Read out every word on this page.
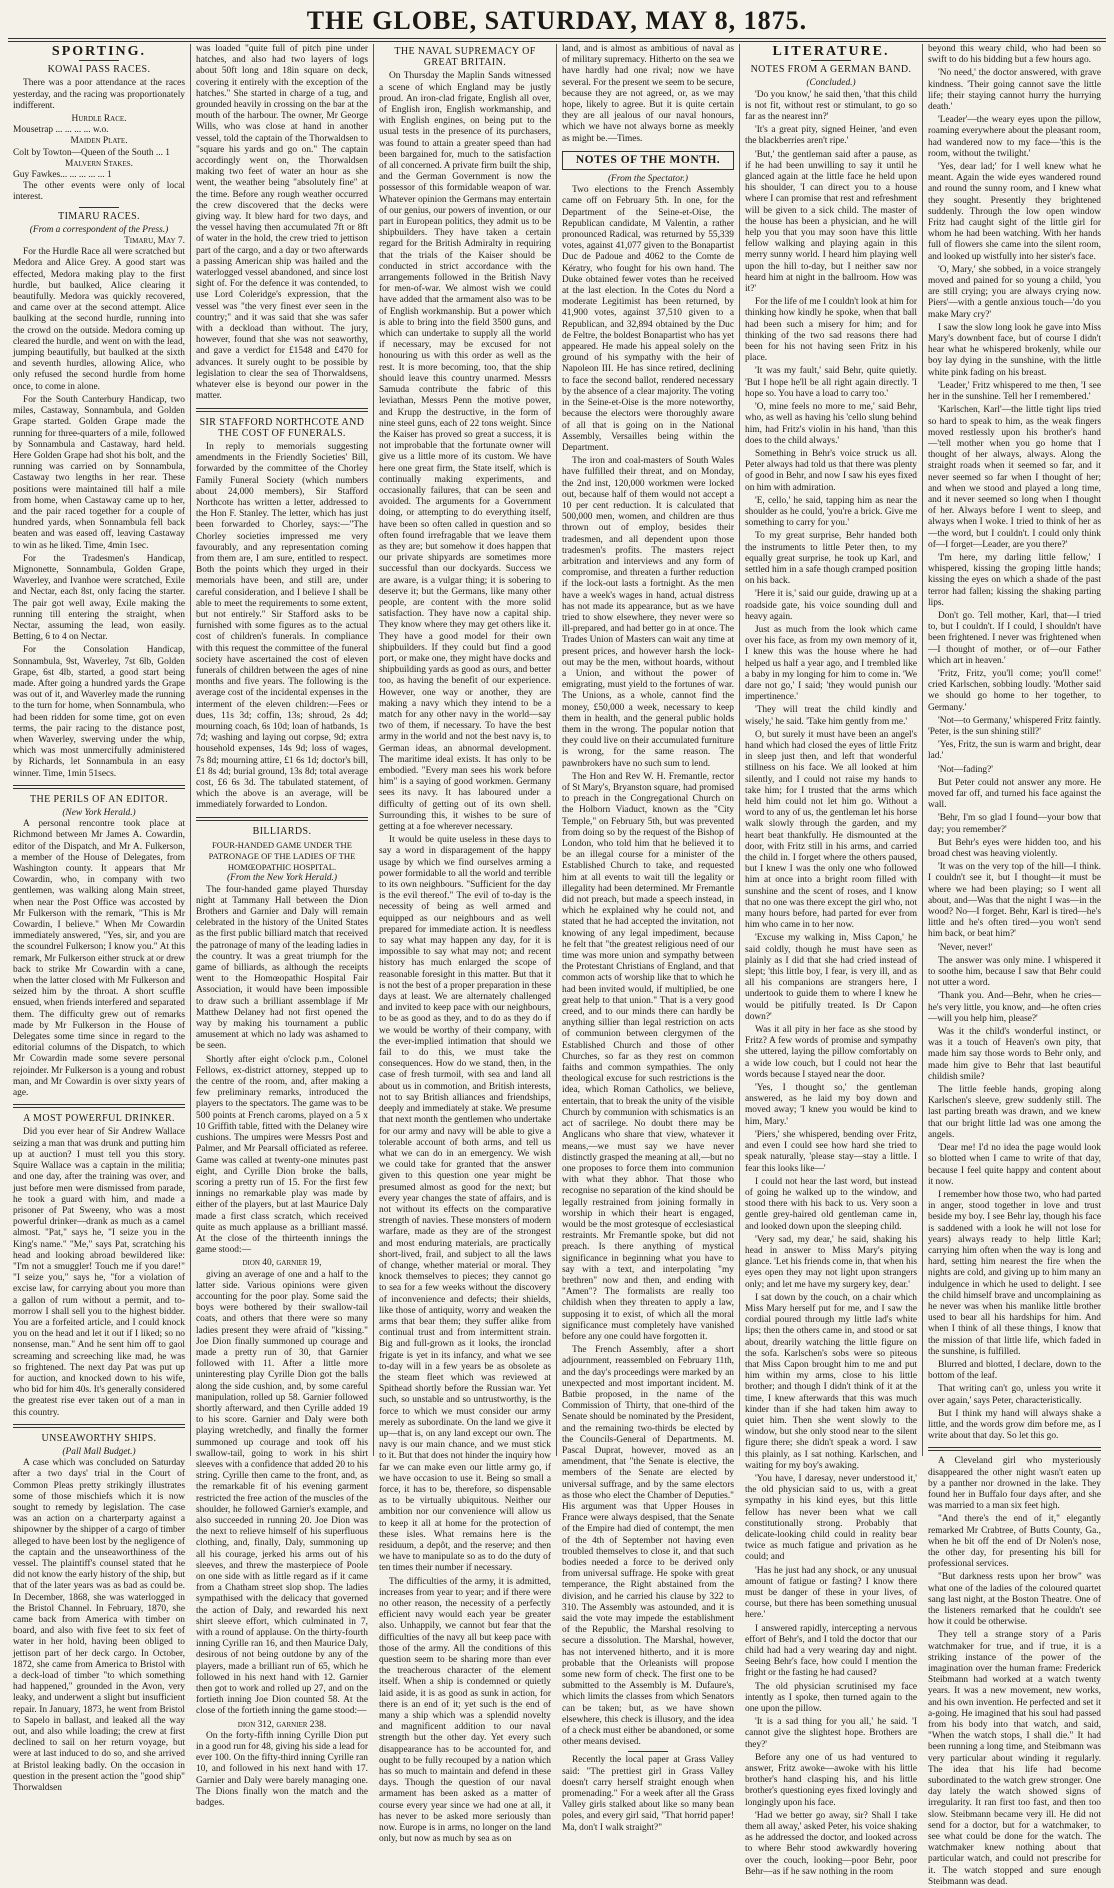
THE GLOBE, SATURDAY, MAY 8, 1875.
SPORTING.
KOWAI PASS RACES.

There was a poor attendance at the races yesterday, and the racing was proportionately indifferent.

Hurdle Race.
Mousetrap ... ... ... ... w.o.
Maiden Plate.
Colt by Towton—Queen of the South ... 1
Malvern Stakes.
Guy Fawkes... ... ... ... ... 1

The other events were only of local interest.

TIMARU RACES.
(From a correspondent of the Press.)
Timaru, May 7.

For the Hurdle Race all were scratched but Medora and Alice Grey. A good start was effected, Medora making play to the first hurdle, but baulked, Alice clearing it beautifully. Medora was quickly recovered, and came over at the second attempt. Alice baulking at the second hurdle, running into the crowd on the outside. Medora coming up cleared the hurdle, and went on with the lead, jumping beautifully, but baulked at the sixth and seventh hurdles, allowing Alice, who only refused the second hurdle from home once, to come in alone.

For the South Canterbury Handicap, two miles, Castaway, Sonnambula, and Golden Grape started. Golden Grape made the running for three-quarters of a mile, followed by Sonnambula and Castaway, hard held. Here Golden Grape had shot his bolt, and the running was carried on by Sonnambula, Castaway two lengths in her rear. These positions were maintained till half a mile from home, when Castaway came up to her, and the pair raced together for a couple of hundred yards, when Sonnambula fell back beaten and was eased off, leaving Castaway to win as he liked. Time, 4min 1sec.

For the Tradesmen's Handicap, Mignonette, Sonnambula, Golden Grape, Waverley, and Ivanhoe were scratched, Exile and Nectar, each 8st, only facing the starter. The pair got well away, Exile making the running till entering the straight, when Nectar, assuming the lead, won easily. Betting, 6 to 4 on Nectar.

For the Consolation Handicap, Sonnambula, 9st, Waverley, 7st 6lb, Golden Grape, 6st 4lb, started, a good start being made. After going a hundred yards the Grape was out of it, and Waverley made the running to the turn for home, when Sonnambula, who had been ridden for some time, got on even terms, the pair racing to the distance post, when Waverley, swerving under the whip, which was most unmercifully administered by Richards, let Sonnambula in an easy winner. Time, 1min 51secs.

THE PERILS OF AN EDITOR.
(New York Herald.)

A personal rencontre took place at Richmond between Mr James A. Cowardin, editor of the Dispatch, and Mr A. Fulkerson, a member of the House of Delegates, from Washington county. It appears that Mr Cowardin, who, in company with two gentlemen, was walking along Main street, when near the Post Office was accosted by Mr Fulkerson with the remark, "This is Mr Cowardin, I believe." When Mr Cowardin immediately answered, "Yes, sir, and you are the scoundrel Fulkerson; I know you." At this remark, Mr Fulkerson either struck at or drew back to strike Mr Cowardin with a cane, when the latter closed with Mr Fulkerson and seized him by the throat. A short scuffle ensued, when friends interfered and separated them. The difficulty grew out of remarks made by Mr Fulkerson in the House of Delegates some time since in regard to the editorial columns of the Dispatch, to which Mr Cowardin made some severe personal rejoinder. Mr Fulkerson is a young and robust man, and Mr Cowardin is over sixty years of age.

A MOST POWERFUL DRINKER.

Did you ever hear of Sir Andrew Wallace seizing a man that was drunk and putting him up at auction? I must tell you this story. Squire Wallace was a captain in the militia; and one day, after the training was over, and just before men were dismissed from parade, he took a guard with him, and made a prisoner of Pat Sweeny, who was a most powerful drinker—drank as much as a camel almost. "Pat," says he, "I seize you in the King's name." "Me," says Pat, scratching his head and looking abroad bewildered like: "I'm not a smuggler! Touch me if you dare!" "I seize you," says he, "for a violation of excise law, for carrying about you more than a gallon of rum without a permit, and to-morrow I shall sell you to the highest bidder. You are a forfeited article, and I could knock you on the head and let it out if I liked; so no nonsense, man." And he sent him off to gaol screaming and screeching like mad, he was so frightened. The next day Pat was put up for auction, and knocked down to his wife, who bid for him 40s. It's generally considered the greatest rise ever taken out of a man in this country.

UNSEAWORTHY SHIPS.
(Pall Mall Budget.)

A case which was concluded on Saturday after a two days' trial in the Court of Common Pleas pretty strikingly illustrates some of those mischiefs which it is now sought to remedy by legislation. The case was an action on a charterparty against a shipowner by the shipper of a cargo of timber alleged to have been lost by the negligence of the captain and the unseaworthiness of the vessel. The plaintiff's counsel stated that he did not know the early history of the ship, but that of the later years was as bad as could be. In December, 1868, she was waterlogged in the Bristol Channel. In February, 1870, she came back from America with timber on board, and also with five feet to six feet of water in her hold, having been obliged to jettison part of her deck cargo. In October, 1872, she came from America to Bristol with a deck-load of timber "to which something had happened," grounded in the Avon, very leaky, and underwent a slight but insufficient repair. In January, 1873, he went from Bristol to Sapelo in ballast, and leaked all the way out, and also while loading; the crew at first declined to sail on her return voyage, but were at last induced to do so, and she arrived at Bristol leaking badly. On the occasion in question in the present action the "good ship" Thorwaldsen

was loaded "quite full of pitch pine under hatches, and also had two layers of logs about 50ft long and 18in square on deck, covering it entirely with the exception of the hatches." She started in charge of a tug, and grounded heavily in crossing on the bar at the mouth of the harbour. The owner, Mr George Wills, who was close at hand in another vessel, told the captain of the Thorwaldsen to "square his yards and go on." The captain accordingly went on, the Thorwaldsen making two feet of water an hour as she went, the weather being "absolutely fine" at the time. Before any rough weather occurred the crew discovered that the decks were giving way. It blew hard for two days, and the vessel having then accumulated 7ft or 8ft of water in the hold, the crew tried to jettison part of the cargo, and a day or two afterwards a passing American ship was hailed and the waterlogged vessel abandoned, and since lost sight of. For the defence it was contended, to use Lord Coleridge's expression, that the vessel was "the very finest ever seen in the country;" and it was said that she was safer with a deckload than without. The jury, however, found that she was not seaworthy, and gave a verdict for £1548 and £470 for advances. It surely ought to be possible by legislation to clear the sea of Thorwaldsens, whatever else is beyond our power in the matter.

SIR STAFFORD NORTHCOTE AND THE COST OF FUNERALS.

In reply to memorials suggesting amendments in the Friendly Societies' Bill, forwarded by the committee of the Chorley Family Funeral Society (which numbers about 24,000 members), Sir Stafford Northcote has written a letter, addressed to the Hon F. Stanley. The letter, which has just been forwarded to Chorley, says:—"The Chorley societies impressed me very favourably, and any representation coming from them are, I am sure, entitled to respect. Both the points which they urged in their memorials have been, and still are, under careful consideration, and I believe I shall be able to meet the requirements to some extent, but not entirely." Sir Stafford asks to be furnished with some figures as to the actual cost of children's funerals. In compliance with this request the committee of the funeral society have ascertained the cost of eleven funerals of children between the ages of nine months and five years. The following is the average cost of the incidental expenses in the interment of the eleven children:—Fees or dues, 11s 3d; coffin, 13s; shroud, 2s 4d; mourning coach, 6s 10d; loan of hatbands, 1s 7d; washing and laying out corpse, 9d; extra household expenses, 14s 9d; loss of wages, 7s 8d; mourning attire, £1 6s 1d; doctor's bill, £1 8s 4d; burial ground, 13s 8d; total average cost, £6 6s 3d. The tabulated statement, of which the above is an average, will be immediately forwarded to London.

BILLIARDS.
FOUR-HANDED GAME UNDER THE PATRONAGE OF THE LADIES OF THE HOMŒOPATHIC HOSPITAL.
(From the New York Herald.)

The four-handed game played Thursday night at Tammany Hall between the Dion Brothers and Garnier and Daly will remain celebrated in the history of the United States as the first public billiard match that received the patronage of many of the leading ladies in the country. It was a great triumph for the game of billiards, as although the receipts went to the Homœopathic Hospital Fair Association, it would have been impossible to draw such a brilliant assemblage if Mr Matthew Delaney had not first opened the way by making his tournament a public amusement at which no lady was ashamed to be seen.

Shortly after eight o'clock p.m., Colonel Fellows, ex-district attorney, stepped up to the centre of the room, and, after making a few preliminary remarks, introduced the players to the spectators. The game was to be 500 points at French caroms, played on a 5 x 10 Griffith table, fitted with the Delaney wire cushions. The umpires were Messrs Post and Palmer, and Mr Pearsall officiated as referee. Game was called at twenty-one minutes past eight, and Cyrille Dion broke the balls, scoring a pretty run of 15. For the first few innings no remarkable play was made by either of the players, but at last Maurice Daly made a first class scratch, which received quite as much applause as a brilliant massé. At the close of the thirteenth innings the game stood:—

dion 40, garnier 19,

giving an average of one and a half to the latter side. Various opinions were given accounting for the poor play. Some said the boys were bothered by their swallow-tail coats, and others that there were so many ladies present they were afraid of "kissing." Joe Dion finally summoned up courage and made a pretty run of 30, that Garnier followed with 11. After a little more uninteresting play Cyrille Dion got the balls along the side cushion, and, by some careful manipulation, rolled up 58. Garnier followed shortly afterward, and then Cyrille added 19 to his score. Garnier and Daly were both playing wretchedly, and finally the former summoned up courage and took off his swallow-tail, going to work in his shirt sleeves with a confidence that added 20 to his string. Cyrille then came to the front, and, as the remarkable fit of his evening garment restricted the free action of the muscles of the shoulder, he followed Garnier's example, and also succeeded in running 20. Joe Dion was the next to relieve himself of his superfluous clothing, and, finally, Daly, summoning up all his courage, jerked his arms out of his sleeves, and threw the masterpiece of Poole on one side with as little regard as if it came from a Chatham street slop shop. The ladies sympathised with the delicacy that governed the action of Daly, and rewarded his next shirt sleeve effort, which culminated in 7, with a round of applause. On the thirty-fourth inning Cyrille ran 16, and then Maurice Daly, desirous of not being outdone by any of the players, made a brilliant run of 65, which he followed in his next hand with 12. Garnier then got to work and rolled up 27, and on the fortieth inning Joe Dion counted 58. At the close of the fortieth inning the game stood:—

dion 312, garnier 238.

On the forty-fifth inning Cyrille Dion put in a good run for 48, giving his side a lead for ever 100. On the fifty-third inning Cyrille ran 10, and followed in his next hand with 17. Garnier and Daly were barely managing one. The Dions finally won the match and the badges.

THE NAVAL SUPREMACY OF GREAT BRITAIN.

On Thursday the Maplin Sands witnessed a scene of which England may be justly proud. An iron-clad frigate, English all over, of English iron, English workmanship, and with English engines, on being put to the usual tests in the presence of its purchasers, was found to attain a greater speed than had been bargained for, much to the satisfaction of all concerned. A private firm built the ship, and the German Government is now the possessor of this formidable weapon of war. Whatever opinion the Germans may entertain of our genius, our powers of invention, or our part in European politics, they admit us to be shipbuilders. They have taken a certain regard for the British Admiralty in requiring that the trials of the Kaiser should be conducted in strict accordance with the arrangements followed in the British Navy for men-of-war. We almost wish we could have added that the armament also was to be of English workmanship. But a power which is able to bring into the field 3500 guns, and which can undertake to supply all the world if necessary, may be excused for not honouring us with this order as well as the rest. It is more becoming, too, that the ship should leave this country unarmed. Messrs Samuda contribute the fabric of this leviathan, Messrs Penn the motive power, and Krupp the destructive, in the form of nine steel guns, each of 22 tons weight. Since the Kaiser has proved so great a success, it is not improbable that the fortunate owner will give us a little more of its custom. We have here one great firm, the State itself, which is continually making experiments, and occasionally failures, that can be seen and avoided. The arguments for a Government doing, or attempting to do everything itself, have been so often called in question and so often found irrefragable that we leave them as they are; but somehow it does happen that our private shipyards are sometimes more successful than our dockyards. Success we are aware, is a vulgar thing; it is sobering to deserve it; but the Germans, like many other people, are content with the more solid satisfaction. They have now a capital ship. They know where they may get others like it. They have a good model for their own shipbuilders. If they could but find a good port, or make one, they might have docks and shipbuilding yards as good as ours, and better too, as having the benefit of our experience. However, one way or another, they are making a navy which they intend to be a match for any other navy in the world—say two of them, if necessary. To have the best army in the world and not the best navy is, to German ideas, an abnormal development. The maritime ideal exists. It has only to be embodied. "Every man sees his work before him" is a saying of good workmen. Germany sees its navy. It has laboured under a difficulty of getting out of its own shell. Surrounding this, it wishes to be sure of getting at a foe wherever necessary.

It would be quite useless in these days to say a word in disparagement of the happy usage by which we find ourselves arming a power formidable to all the world and terrible to its own neighbours. "Sufficient for the day is the evil thereof." The evil of to-day is the necessity of being as well armed and equipped as our neighbours and as well prepared for immediate action. It is needless to say what may happen any day, for it is impossible to say what may not; and recent history has much enlarged the scope of reasonable foresight in this matter. But that it is not the best of a proper preparation in these days at least. We are alternately challenged and invited to keep pace with our neighbours, to be as good as they, and to do as they do if we would be worthy of their company, with the ever-implied intimation that should we fail to do this, we must take the consequences. How do we stand, then, in the case of fresh turmoil, with sea and land all about us in commotion, and British interests, not to say British alliances and friendships, deeply and immediately at stake. We presume that next month the gentlemen who undertake for our army and navy will be able to give a tolerable account of both arms, and tell us what we can do in an emergency. We wish we could take for granted that the answer given to this question one year might be presumed almost as good for the next; but every year changes the state of affairs, and is not without its effects on the comparative strength of navies. These monsters of modern warfare, made as they are of the strongest and most enduring materials, are practically short-lived, frail, and subject to all the laws of change, whether material or moral. They knock themselves to pieces; they cannot go to sea for a few weeks without the discovery of inconvenience and defects; their shields, like those of antiquity, worry and weaken the arms that bear them; they suffer alike from continual trust and from intermittent strain. Big and full-grown as it looks, the ironclad frigate is yet in its infancy, and what we see to-day will in a few years be as obsolete as the steam fleet which was reviewed at Spithead shortly before the Russian war. Yet such, so unstable and so untrustworthy, is the force to which we must consider our army merely as subordinate. On the land we give it up—that is, on any land except our own. The navy is our main chance, and we must stick to it. But that does not hinder the inquiry how far we can make even our little army go, if we have occasion to use it. Being so small a force, it has to be, therefore, so dispensable as to be virtually ubiquitous. Neither our ambition nor our convenience will allow us to keep it all at home for the protection of these isles. What remains here is the residuum, a depôt, and the reserve; and then we have to manipulate so as to do the duty of ten times their number if necessary.

The difficulties of the army, it is admitted, increases from year to year; and if there were no other reason, the necessity of a perfectly efficient navy would each year be greater also. Unhappily, we cannot but fear that the difficulties of the navy all but keep pace with those of the army. All the conditions of this question seem to be sharing more than ever the treacherous character of the element itself. When a ship is condemned or quietly laid aside, it is as good as sunk in action, for there is an end of it; yet such is the end of many a ship which was a splendid novelty and magnificent addition to our naval strength but the other day. Yet every such disappearance has to be accounted for, and ought to be fully recouped by a nation which has so much to maintain and defend in these days. Though the question of our naval armament has been asked as a matter of course every year since we had one at all, it has never to be asked more seriously than now. Europe is in arms, no longer on the land only, but now as much by sea as on

land, and is almost as ambitious of naval as of military supremacy. Hitherto on the sea we have hardly had one rival; now we have several. For the present we seem to be secure, because they are not agreed, or, as we may hope, likely to agree. But it is quite certain they are all jealous of our naval honours, which we have not always borne as meekly as might be.—Times.

NOTES OF THE MONTH.
(From the Spectator.)

Two elections to the French Assembly came off on February 5th. In one, for the Department of the Seine-et-Oise, the Republican candidate, M Valentin, a rather pronounced Radical, was returned by 55,339 votes, against 41,077 given to the Bonapartist Duc de Padoue and 4062 to the Comte de Kératry, who fought for his own hand. The Duke obtained fewer votes than he received at the last election. In the Cotes du Nord a moderate Legitimist has been returned, by 41,900 votes, against 37,510 given to a Republican, and 32,894 obtained by the Duc de Feltre, the boldest Bonapartist who has yet appeared. He made his appeal solely on the ground of his sympathy with the heir of Napoleon III. He has since retired, declining to face the second ballot, rendered necessary by the absence of a clear majority. The voting in the Seine-et-Oise is the more noteworthy, because the electors were thoroughly aware of all that is going on in the National Assembly, Versailles being within the Department.

The iron and coal-masters of South Wales have fulfilled their threat, and on Monday, the 2nd inst, 120,000 workmen were locked out, because half of them would not accept a 10 per cent reduction. It is calculated that 500,000 men, women, and children are thus thrown out of employ, besides their tradesmen, and all dependent upon those tradesmen's profits. The masters reject arbitration and interviews and any form of compromise, and threaten a further reduction if the lock-out lasts a fortnight. As the men have a week's wages in hand, actual distress has not made its appearance, but as we have tried to show elsewhere, they never were so ill-prepared, and had better go in at once. The Trades Union of Masters can wait any time at present prices, and however harsh the lock-out may be the men, without hoards, without a Union, and without the power of emigrating, must yield to the fortunes of war. The Unions, as a whole, cannot find the money, £50,000 a week, necessary to keep them in health, and the general public holds them in the wrong. The popular notion that they could live on their accumulated furniture is wrong, for the same reason. The pawnbrokers have no such sum to lend.

The Hon and Rev W. H. Fremantle, rector of St Mary's, Bryanston square, had promised to preach in the Congregational Church on the Holborn Viaduct, known as the "City Temple," on February 5th, but was prevented from doing so by the request of the Bishop of London, who told him that he believed it to be an illegal course for a minister of the Established Church to take, and requested him at all events to wait till the legality or illegality had been determined. Mr Fremantle did not preach, but made a speech instead, in which he explained why he could not, and stated that he had accepted the invitation, not knowing of any legal impediment, because he felt that "the greatest religious need of our time was more union and sympathy between the Protestant Christians of England, and that common acts of worship like that to which he had been invited would, if multiplied, be one great help to that union." That is a very good creed, and to our minds there can hardly be anything sillier than legal restriction on acts of communion between clergymen of the Established Church and those of other Churches, so far as they rest on common faiths and common sympathies. The only theological excuse for such restrictions is the idea, which Roman Catholics, we believe, entertain, that to break the unity of the visible Church by communion with schismatics is an act of sacrilege. No doubt there may be Anglicans who share that view, whatever it means,—we must say we have never distinctly grasped the meaning at all,—but no one proposes to force them into communion with what they abhor. That those who recognise no separation of the kind should be legally restrained from joining formally in worship in which their heart is engaged, would be the most grotesque of ecclesiastical restraints. Mr Fremantle spoke, but did not preach. Is there anything of mystical significance in beginning what you have to say with a text, and interpolating "my brethren" now and then, and ending with "Amen"? The formalists are really too childish when they threaten to apply a law, supposing it to exist, of which all the moral significance must completely have vanished before any one could have forgotten it.

The French Assembly, after a short adjournment, reassembled on February 11th, and the day's proceedings were marked by an unexpected and most important incident. M. Batbie proposed, in the name of the Commission of Thirty, that one-third of the Senate should be nominated by the President, and the remaining two-thirds be elected by the Councils-General of Departments. M. Pascal Duprat, however, moved as an amendment, that "the Senate is elective, the members of the Senate are elected by universal suffrage, and by the same electors as those who elect the Chamber of Deputies." His argument was that Upper Houses in France were always despised, that the Senate of the Empire had died of contempt, the men of the 4th of September not having even troubled themselves to close it, and that such bodies needed a force to be derived only from universal suffrage. He spoke with great temperance, the Right abstained from the division, and he carried his clause by 322 to 310. The Assembly was astounded, and it is said the vote may impede the establishment of the Republic, the Marshal resolving to secure a dissolution. The Marshal, however, has not intervened hitherto, and it is more probable that the Orleanists will propose some new form of check. The first one to be submitted to the Assembly is M. Dufaure's, which limits the classes from which Senators can be taken; but, as we have shown elsewhere, this check is illusory, and the idea of a check must either be abandoned, or some other means devised.

Recently the local paper at Grass Valley said: "The prettiest girl in Grass Valley doesn't carry herself straight enough when promenading." For a week after all the Grass Valley girls stalked about like so many bean poles, and every girl said, "That horrid paper! Ma, don't I walk straight?"

LITERATURE.
NOTES FROM A GERMAN BAND.
(Concluded.)

'Do you know,' he said then, 'that this child is not fit, without rest or stimulant, to go so far as the nearest inn?'

'It's a great pity, signed Heiner, 'and even the blackberries aren't ripe.'

'But,' the gentleman said after a pause, as if he had been unwilling to say it until he glanced again at the little face he held upon his shoulder, 'I can direct you to a house where I can promise that rest and refreshment will be given to a sick child. The master of the house has been a physician, and he will help you that you may soon have this little fellow walking and playing again in this merry sunny world. I heard him playing well upon the hill to-day, but I neither saw nor heard him at night in the ballroom. How was it?'

For the life of me I couldn't look at him for thinking how kindly he spoke, when that ball had been such a misery for him; and for thinking of the two sad reasons there had been for his not having seen Fritz in his place.

'It was my fault,' said Behr, quite quietly. 'But I hope he'll be all right again directly. 'I hope so. You have a load to carry too.'

'O, mine feels no more to me,' said Behr, who, as well as having his 'cello slung behind him, had Fritz's violin in his hand, 'than this does to the child always.'

Something in Behr's voice struck us all. Peter always had told us that there was plenty of good in Behr, and now I saw his eyes fixed on him with admiration.

'E, cello,' he said, tapping him as near the shoulder as he could, 'you're a brick. Give me something to carry for you.'

To my great surprise, Behr handed both the instruments to little Peter then, to my equally great surprise, he took up Karl, and settled him in a safe though cramped position on his back.

'Here it is,' said our guide, drawing up at a roadside gate, his voice sounding dull and heavy again.

Just as much from the look which came over his face, as from my own memory of it, I knew this was the house where he had helped us half a year ago, and I trembled like a baby in my longing for him to come in. 'We dare not go,' I said; 'they would punish our impertinence.'

'They will treat the child kindly and wisely,' he said. 'Take him gently from me.'

O, but surely it must have been an angel's hand which had closed the eyes of little Fritz in sleep just then, and left that wonderful stillness on his face. We all looked at him silently, and I could not raise my hands to take him; for I trusted that the arms which held him could not let him go. Without a word to any of us, the gentleman let his horse walk slowly through the garden, and my heart beat thankfully. He dismounted at the door, with Fritz still in his arms, and carried the child in. I forget where the others paused, but I knew I was the only one who followed him at once into a bright room filled with sunshine and the scent of roses, and I know that no one was there except the girl who, not many hours before, had parted for ever from him who came in to her now.

'Excuse my walking in, Miss Capon,' he said coldly, though he must have seen as plainly as I did that she had cried instead of slept; 'this little boy, I fear, is very ill, and as all his companions are strangers here, I undertook to guide them to where I knew he would be pitifully treated. Is Dr Capon down?'

Was it all pity in her face as she stood by Fritz? A few words of promise and sympathy she uttered, laying the pillow comfortably on a wide low couch, but I could not hear the words because I stayed near the door.

'Yes, I thought so,' the gentleman answered, as he laid my boy down and moved away; 'I knew you would be kind to him, Mary.'

'Piers,' she whispered, bending over Fritz, and even I could see how hard she tried to speak naturally, 'please stay—stay a little. I fear this looks like—'

I could not hear the last word, but instead of going he walked up to the window, and stood there with his back to us. Very soon a gentle grey-haired old gentleman came in, and looked down upon the sleeping child.

'Very sad, my dear,' he said, shaking his head in answer to Miss Mary's pitying glance. 'Let his friends come in, that when his eyes open they may not light upon strangers only; and let me have my surgery key, dear.'

I sat down by the couch, on a chair which Miss Mary herself put for me, and I saw the cordial poured through my little lad's white lips; then the others came in, and stood or sat about, drearily watching the little figure on the sofa. Karlschen's sobs were so piteous that Miss Capon brought him to me and put him within my arms, close to his little brother; and though I didn't think of it at the time, I knew afterwards that this was much kinder than if she had taken him away to quiet him. Then she went slowly to the window, but she only stood near to the silent figure there; she didn't speak a word. I saw this plainly, as I sat nothing. Karlschen, and waiting for my boy's awaking.

'You have, I daresay, never understood it,' the old physician said to us, with a great sympathy in his kind eyes, but this little fellow has never been what we call constitutionally strong. Probably that delicate-looking child could in reality bear twice as much fatigue and privation as he could; and

'Has he just had any shock, or any unusual amount of fatigue or fasting? I know there must be danger of these in your lives, of course, but there has been something unusual here.'

I answered rapidly, intercepting a nervous effort of Behr's, and I told the doctor that our child had had a very wearing day and night. Seeing Behr's face, how could I mention the fright or the fasting he had caused?

The old physician scrutinised my face intently as I spoke, then turned again to the one upon the pillow.

'It is a sad thing for you all,' he said. 'I cannot give the slightest hope. Brothers are they?'

Before any one of us had ventured to answer, Fritz awoke—awoke with his little brother's hand clasping his, and his little brother's questioning eyes fixed lovingly and longingly upon his face.

'Had we better go away, sir? Shall I take them all away,' asked Peter, his voice shaking as he addressed the doctor, and looked across to where Behr stood awkwardly hovering over the couch, looking—poor Behr, poor Behr—as if he saw nothing in the room

beyond this weary child, who had been so swift to do his bidding but a few hours ago.

'No need,' the doctor answered, with grave kindness. 'Their going cannot save the little life; their staying cannot hurry the hurrying death.'

'Leader'—the weary eyes upon the pillow, roaming everywhere about the pleasant room, had wandered now to my face—'this is the room, without the twilight.'

'Yes, dear lad;' for I well knew what he meant. Again the wide eyes wandered round and round the sunny room, and I knew what they sought. Presently they brightened suddenly. Through the low open window Fritz had caught sight of the little girl for whom he had been watching. With her hands full of flowers she came into the silent room, and looked up wistfully into her sister's face.

'O, Mary,' she sobbed, in a voice strangely moved and pained for so young a child, 'you are still crying; you are always crying now. Piers'—with a gentle anxious touch—'do you make Mary cry?'

I saw the slow long look he gave into Miss Mary's downbent face, but of course I didn't hear what he whispered brokenly, while our boy lay dying in the sunshine, with the little white pink fading on his breast.

'Leader,' Fritz whispered to me then, 'I see her in the sunshine. Tell her I remembered.'

'Karlschen, Karl'—the little tight lips tried so hard to speak to him, as the weak fingers moved restlessly upon his brother's hand—'tell mother when you go home that I thought of her always, always. Along the straight roads when it seemed so far, and it never seemed so far when I thought of her; and when we stood and played a long time, and it never seemed so long when I thought of her. Always before I went to sleep, and always when I woke. I tried to think of her as—the word, but I couldn't. I could only think of—I forget—Leader, are you there?'

'I'm here, my darling little fellow,' I whispered, kissing the groping little hands; kissing the eyes on which a shade of the past terror had fallen; kissing the shaking parting lips.

Don't go. Tell mother, Karl, that—I tried to, but I couldn't. If I could, I shouldn't have been frightened. I never was frightened when—I thought of mother, or of—our Father which art in heaven.'

'Fritz, Fritz, you'll come; you'll come!' cried Karlschen, sobbing loudly. 'Mother said we should go home to her together, to Germany.'

'Not—to Germany,' whispered Fritz faintly. 'Peter, is the sun shining still?'

'Yes, Fritz, the sun is warm and bright, dear lad.'

'Not—fading?'

But Peter could not answer any more. He moved far off, and turned his face against the wall.

'Behr, I'm so glad I found—your bow that day; you remember?'

But Behr's eyes were hidden too, and his broad chest was heaving violently.

'It was on the very top of the hill—I think. I couldn't see it, but I thought—it must be where we had been playing; so I went all about, and—Was that the night I was—in the wood? No—I forget. Behr, Karl is tired—he's little and he's often tired—you won't send him back, or beat him?'

'Never, never!'

The answer was only mine. I whispered it to soothe him, because I saw that Behr could not utter a word.

'Thank you. And—Behr, when he cries—he's very little, you know, and—he often cries—will you help him, please?'

Was it the child's wonderful instinct, or was it a touch of Heaven's own pity, that made him say those words to Behr only, and made him give to Behr that last beautiful childish smile?

The little feeble hands, groping along Karlschen's sleeve, grew suddenly still. The last parting breath was drawn, and we knew that our bright little lad was one among the angels.

'Dear me! I'd no idea the page would look so blotted when I came to write of that day, because I feel quite happy and content about it now.

I remember how those two, who had parted in anger, stood together in love and trust beside my boy. I see Behr lay, though his face is saddened with a look he will not lose for years) always ready to help little Karl; carrying him often when the way is long and hard, setting him nearest the fire when the nights are cold, and giving up to him many an indulgence in which he used to delight. I see the child himself brave and uncomplaining as he never was when his manlike little brother used to bear all his hardships for him. And when I think of all these things, I know that the mission of that little life, which faded in the sunshine, is fulfilled.

Blurred and blotted, I declare, down to the bottom of the leaf.

That writing can't go, unless you write it over again,' says Peter, characteristically.

But I think my hand will always shake a little, and the words grow dim before me, as I write about that day. So let this go.

A Cleveland girl who mysteriously disappeared the other night wasn't eaten up by a panther nor drowned in the lake. They found her in Buffalo four days after, and she was married to a man six feet high.

"And there's the end of it," elegantly remarked Mr Crabtree, of Butts County, Ga., when he bit off the end of Dr Nolen's nose, the other day, for presenting his bill for professional services.

"But darkness rests upon her brow" was what one of the ladies of the coloured quartet sang last night, at the Boston Theatre. One of the listeners remarked that he couldn't see how it could be otherwise.

They tell a strange story of a Paris watchmaker for true, and if true, it is a striking instance of the power of the imagination over the human frame: Frederick Steibmann had worked at a watch twenty years. It was a new movement, new works, and his own invention. He perfected and set it a-going. He imagined that his soul had passed from his body into that watch, and said, "When the watch stops, I shall die." It had been running a long time, and Steibmann was very particular about winding it regularly. The idea that his life had become subordinated to the watch grew stronger. One day lately the watch showed signs of irregularity. It ran first too fast, and then too slow. Steibmann became very ill. He did not send for a doctor, but for a watchmaker, to see what could be done for the watch. The watchmaker knew nothing about that particular watch, and could not prescribe for it. The watch stopped and sure enough Steibmann was dead.
